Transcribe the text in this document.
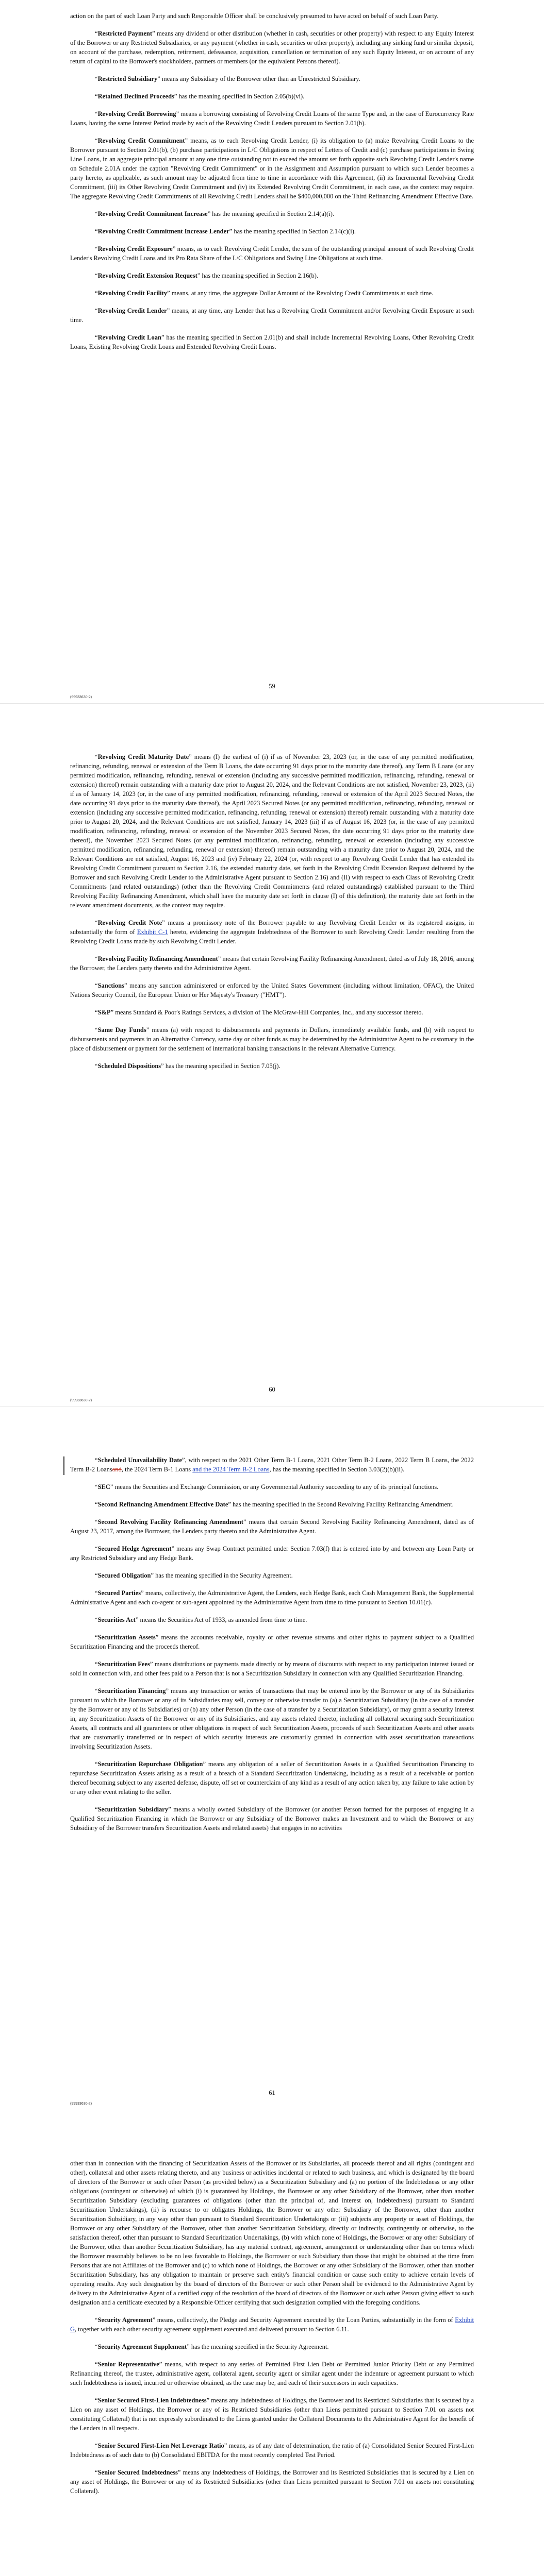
action on the part of such Loan Party and such Responsible Officer shall be conclusively presumed to have acted on behalf of such Loan Party.

“Restricted Payment” means any dividend or other distribution (whether in cash, securities or other property) with respect to any Equity Interest of the Borrower or any Restricted Subsidiaries, or any payment (whether in cash, securities or other property), including any sinking fund or similar deposit, on account of the purchase, redemption, retirement, defeasance, acquisition, cancellation or termination of any such Equity Interest, or on account of any return of capital to the Borrower's stockholders, partners or members (or the equivalent Persons thereof).

“Restricted Subsidiary” means any Subsidiary of the Borrower other than an Unrestricted Subsidiary.

“Retained Declined Proceeds” has the meaning specified in Section 2.05(b)(vi).

“Revolving Credit Borrowing” means a borrowing consisting of Revolving Credit Loans of the same Type and, in the case of Eurocurrency Rate Loans, having the same Interest Period made by each of the Revolving Credit Lenders pursuant to Section 2.01(b).

“Revolving Credit Commitment” means, as to each Revolving Credit Lender, (i) its obligation to (a) make Revolving Credit Loans to the Borrower pursuant to Section 2.01(b), (b) purchase participations in L/C Obligations in respect of Letters of Credit and (c) purchase participations in Swing Line Loans, in an aggregate principal amount at any one time outstanding not to exceed the amount set forth opposite such Revolving Credit Lender's name on Schedule 2.01A under the caption "Revolving Credit Commitment" or in the Assignment and Assumption pursuant to which such Lender becomes a party hereto, as applicable, as such amount may be adjusted from time to time in accordance with this Agreement, (ii) its Incremental Revolving Credit Commitment, (iii) its Other Revolving Credit Commitment and (iv) its Extended Revolving Credit Commitment, in each case, as the context may require. The aggregate Revolving Credit Commitments of all Revolving Credit Lenders shall be $400,000,000 on the Third Refinancing Amendment Effective Date.

“Revolving Credit Commitment Increase” has the meaning specified in Section 2.14(a)(i).

“Revolving Credit Commitment Increase Lender” has the meaning specified in Section 2.14(c)(i).

“Revolving Credit Exposure” means, as to each Revolving Credit Lender, the sum of the outstanding principal amount of such Revolving Credit Lender's Revolving Credit Loans and its Pro Rata Share of the L/C Obligations and Swing Line Obligations at such time.

“Revolving Credit Extension Request” has the meaning specified in Section 2.16(b).

“Revolving Credit Facility” means, at any time, the aggregate Dollar Amount of the Revolving Credit Commitments at such time.

“Revolving Credit Lender” means, at any time, any Lender that has a Revolving Credit Commitment and/or Revolving Credit Exposure at such time.

“Revolving Credit Loan” has the meaning specified in Section 2.01(b) and shall include Incremental Revolving Loans, Other Revolving Credit Loans, Existing Revolving Credit Loans and Extended Revolving Credit Loans.

59
(99933630-2)

“Revolving Credit Maturity Date” means (I) the earliest of (i) if as of November 23, 2023 (or, in the case of any permitted modification, refinancing, refunding, renewal or extension of the Term B Loans, the date occurring 91 days prior to the maturity date thereof), any Term B Loans (or any permitted modification, refinancing, refunding, renewal or extension (including any successive permitted modification, refinancing, refunding, renewal or extension) thereof) remain outstanding with a maturity date prior to August 20, 2024, and the Relevant Conditions are not satisfied, November 23, 2023, (ii) if as of January 14, 2023 (or, in the case of any permitted modification, refinancing, refunding, renewal or extension of the April 2023 Secured Notes, the date occurring 91 days prior to the maturity date thereof), the April 2023 Secured Notes (or any permitted modification, refinancing, refunding, renewal or extension (including any successive permitted modification, refinancing, refunding, renewal or extension) thereof) remain outstanding with a maturity date prior to August 20, 2024, and the Relevant Conditions are not satisfied, January 14, 2023 (iii) if as of August 16, 2023 (or, in the case of any permitted modification, refinancing, refunding, renewal or extension of the November 2023 Secured Notes, the date occurring 91 days prior to the maturity date thereof), the November 2023 Secured Notes (or any permitted modification, refinancing, refunding, renewal or extension (including any successive permitted modification, refinancing, refunding, renewal or extension) thereof) remain outstanding with a maturity date prior to August 20, 2024, and the Relevant Conditions are not satisfied, August 16, 2023 and (iv) February 22, 2024 (or, with respect to any Revolving Credit Lender that has extended its Revolving Credit Commitment pursuant to Section 2.16, the extended maturity date, set forth in the Revolving Credit Extension Request delivered by the Borrower and such Revolving Credit Lender to the Administrative Agent pursuant to Section 2.16) and (II) with respect to each Class of Revolving Credit Commitments (and related outstandings) (other than the Revolving Credit Commitments (and related outstandings) established pursuant to the Third Revolving Facility Refinancing Amendment, which shall have the maturity date set forth in clause (I) of this definition), the maturity date set forth in the relevant amendment documents, as the context may require.

“Revolving Credit Note” means a promissory note of the Borrower payable to any Revolving Credit Lender or its registered assigns, in substantially the form of Exhibit C-1 hereto, evidencing the aggregate Indebtedness of the Borrower to such Revolving Credit Lender resulting from the Revolving Credit Loans made by such Revolving Credit Lender.

“Revolving Facility Refinancing Amendment” means that certain Revolving Facility Refinancing Amendment, dated as of July 18, 2016, among the Borrower, the Lenders party thereto and the Administrative Agent.

“Sanctions” means any sanction administered or enforced by the United States Government (including without limitation, OFAC), the United Nations Security Council, the European Union or Her Majesty's Treasury ("HMT").

“S&P” means Standard & Poor's Ratings Services, a division of The McGraw-Hill Companies, Inc., and any successor thereto.

“Same Day Funds” means (a) with respect to disbursements and payments in Dollars, immediately available funds, and (b) with respect to disbursements and payments in an Alternative Currency, same day or other funds as may be determined by the Administrative Agent to be customary in the place of disbursement or payment for the settlement of international banking transactions in the relevant Alternative Currency.

“Scheduled Dispositions” has the meaning specified in Section 7.05(j).

60
(99933630-2)

“Scheduled Unavailability Date”, with respect to the 2021 Other Term B-1 Loans, 2021 Other Term B-2 Loans, 2022 Term B Loans, the 2022 Term B-2 Loansand, the 2024 Term B-1 Loans and the 2024 Term B-2 Loans, has the meaning specified in Section 3.03(2)(b)(ii).

“SEC” means the Securities and Exchange Commission, or any Governmental Authority succeeding to any of its principal functions.

“Second Refinancing Amendment Effective Date” has the meaning specified in the Second Revolving Facility Refinancing Amendment.

“Second Revolving Facility Refinancing Amendment” means that certain Second Revolving Facility Refinancing Amendment, dated as of August 23, 2017, among the Borrower, the Lenders party thereto and the Administrative Agent.

“Secured Hedge Agreement” means any Swap Contract permitted under Section 7.03(f) that is entered into by and between any Loan Party or any Restricted Subsidiary and any Hedge Bank.

“Secured Obligation” has the meaning specified in the Security Agreement.

“Secured Parties” means, collectively, the Administrative Agent, the Lenders, each Hedge Bank, each Cash Management Bank, the Supplemental Administrative Agent and each co-agent or sub-agent appointed by the Administrative Agent from time to time pursuant to Section 10.01(c).

“Securities Act” means the Securities Act of 1933, as amended from time to time.

“Securitization Assets” means the accounts receivable, royalty or other revenue streams and other rights to payment subject to a Qualified Securitization Financing and the proceeds thereof.

“Securitization Fees” means distributions or payments made directly or by means of discounts with respect to any participation interest issued or sold in connection with, and other fees paid to a Person that is not a Securitization Subsidiary in connection with any Qualified Securitization Financing.

“Securitization Financing” means any transaction or series of transactions that may be entered into by the Borrower or any of its Subsidiaries pursuant to which the Borrower or any of its Subsidiaries may sell, convey or otherwise transfer to (a) a Securitization Subsidiary (in the case of a transfer by the Borrower or any of its Subsidiaries) or (b) any other Person (in the case of a transfer by a Securitization Subsidiary), or may grant a security interest in, any Securitization Assets of the Borrower or any of its Subsidiaries, and any assets related thereto, including all collateral securing such Securitization Assets, all contracts and all guarantees or other obligations in respect of such Securitization Assets, proceeds of such Securitization Assets and other assets that are customarily transferred or in respect of which security interests are customarily granted in connection with asset securitization transactions involving Securitization Assets.

“Securitization Repurchase Obligation” means any obligation of a seller of Securitization Assets in a Qualified Securitization Financing to repurchase Securitization Assets arising as a result of a breach of a Standard Securitization Undertaking, including as a result of a receivable or portion thereof becoming subject to any asserted defense, dispute, off set or counterclaim of any kind as a result of any action taken by, any failure to take action by or any other event relating to the seller.

“Securitization Subsidiary” means a wholly owned Subsidiary of the Borrower (or another Person formed for the purposes of engaging in a Qualified Securitization Financing in which the Borrower or any Subsidiary of the Borrower makes an Investment and to which the Borrower or any Subsidiary of the Borrower transfers Securitization Assets and related assets) that engages in no activities

61
(99933630-2)

other than in connection with the financing of Securitization Assets of the Borrower or its Subsidiaries, all proceeds thereof and all rights (contingent and other), collateral and other assets relating thereto, and any business or activities incidental or related to such business, and which is designated by the board of directors of the Borrower or such other Person (as provided below) as a Securitization Subsidiary and (a) no portion of the Indebtedness or any other obligations (contingent or otherwise) of which (i) is guaranteed by Holdings, the Borrower or any other Subsidiary of the Borrower, other than another Securitization Subsidiary (excluding guarantees of obligations (other than the principal of, and interest on, Indebtedness) pursuant to Standard Securitization Undertakings), (ii) is recourse to or obligates Holdings, the Borrower or any other Subsidiary of the Borrower, other than another Securitization Subsidiary, in any way other than pursuant to Standard Securitization Undertakings or (iii) subjects any property or asset of Holdings, the Borrower or any other Subsidiary of the Borrower, other than another Securitization Subsidiary, directly or indirectly, contingently or otherwise, to the satisfaction thereof, other than pursuant to Standard Securitization Undertakings, (b) with which none of Holdings, the Borrower or any other Subsidiary of the Borrower, other than another Securitization Subsidiary, has any material contract, agreement, arrangement or understanding other than on terms which the Borrower reasonably believes to be no less favorable to Holdings, the Borrower or such Subsidiary than those that might be obtained at the time from Persons that are not Affiliates of the Borrower and (c) to which none of Holdings, the Borrower or any other Subsidiary of the Borrower, other than another Securitization Subsidiary, has any obligation to maintain or preserve such entity's financial condition or cause such entity to achieve certain levels of operating results. Any such designation by the board of directors of the Borrower or such other Person shall be evidenced to the Administrative Agent by delivery to the Administrative Agent of a certified copy of the resolution of the board of directors of the Borrower or such other Person giving effect to such designation and a certificate executed by a Responsible Officer certifying that such designation complied with the foregoing conditions.

“Security Agreement” means, collectively, the Pledge and Security Agreement executed by the Loan Parties, substantially in the form of Exhibit G, together with each other security agreement supplement executed and delivered pursuant to Section 6.11.

“Security Agreement Supplement” has the meaning specified in the Security Agreement.

“Senior Representative” means, with respect to any series of Permitted First Lien Debt or Permitted Junior Priority Debt or any Permitted Refinancing thereof, the trustee, administrative agent, collateral agent, security agent or similar agent under the indenture or agreement pursuant to which such Indebtedness is issued, incurred or otherwise obtained, as the case may be, and each of their successors in such capacities.

“Senior Secured First-Lien Indebtedness” means any Indebtedness of Holdings, the Borrower and its Restricted Subsidiaries that is secured by a Lien on any asset of Holdings, the Borrower or any of its Restricted Subsidiaries (other than Liens permitted pursuant to Section 7.01 on assets not constituting Collateral) that is not expressly subordinated to the Liens granted under the Collateral Documents to the Administrative Agent for the benefit of the Lenders in all respects.

“Senior Secured First-Lien Net Leverage Ratio” means, as of any date of determination, the ratio of (a) Consolidated Senior Secured First-Lien Indebtedness as of such date to (b) Consolidated EBITDA for the most recently completed Test Period.

“Senior Secured Indebtedness” means any Indebtedness of Holdings, the Borrower and its Restricted Subsidiaries that is secured by a Lien on any asset of Holdings, the Borrower or any of its Restricted Subsidiaries (other than Liens permitted pursuant to Section 7.01 on assets not constituting Collateral).
